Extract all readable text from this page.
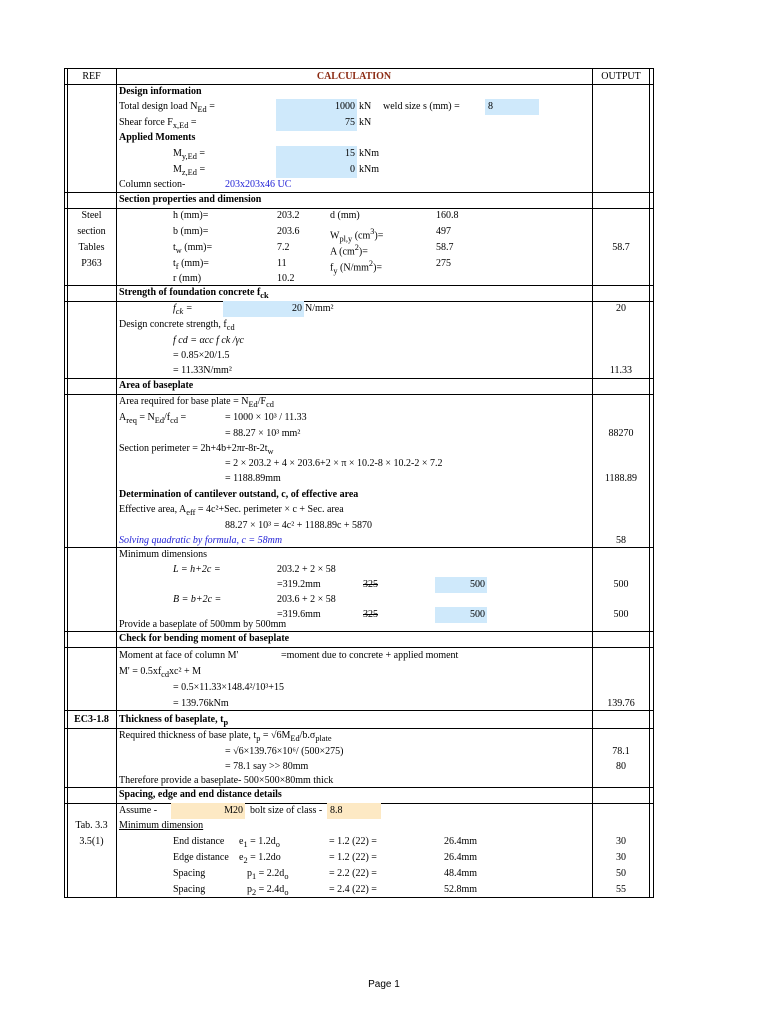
REF	CALCULATION	OUTPUT
Design information
Total design load $N_{Ed}$ =	1000 kN weld size s (mm) =	8
Shear force $F_{x,Ed}$ =	75 kN
Applied Moments
$M_{y,Ed}$ =	15 kNm
$M_{z,Ed}$ =	0 kNm
Column section-	203x203x46 UC
Section properties and dimension
Steel
section
Tables
P363
h (mm)=	203.2	d (mm)	160.8
b (mm)=	203.6	$W_{pl,y}$ $(cm^3)=$	497
$t_w$ (mm)=	7.2	A $(cm^2)=$	58.7	58.7
$t_f$ (mm)=	11	$f_y$ $(N/mm^2)=$	275
r (mm)	10.2
Strength of foundation concrete $f_{ck}$
$f_{ck}$ =	20 N/mm²	20
Design concrete strength, $f_{cd}$
f cd = αcc f ck /γc
= 0.85×20/1.5
= 11.33N/mm²	11.33
Area of baseplate
Area required for base plate = $N_{Ed}/F_{cd}$
$A_{req} = N_{Ed}/f_{cd}$ =	= 1000 × 10³ / 11.33
= 88.27 × 10³ mm²	88270
Section perimeter = $2h+4b+2\pi r-8r-2t_w$
= 2 × 203.2 + 4 × 203.6+2 × π × 10.2-8 × 10.2-2 × 7.2
= 1188.89mm	1188.89
Determination of cantilever outstand, c, of effective area
Effective area, $A_{eff} = 4c^2+Sec$. perimeter × c + Sec. area
88.27 × 10³ = 4c² + 1188.89c + 5870
Solving quadratic by formula, c = 58mm	58
Minimum dimensions
L = h+2c =	203.2 + 2 × 58
=319.2mm	325	500	500
B = b+2c =	203.6 + 2 × 58
=319.6mm	325	500	500
Provide a baseplate of 500mm by 500mm
Check for bending moment of baseplate
Moment at face of column M'	=moment due to concrete + applied moment
$M' = 0.5xf_{cd}xc^2 + M$
= 0.5×11.33×148.4²/10³+15
= 139.76kNm	139.76
EC3-1.8	Thickness of baseplate, $t_p$
Required thickness of base plate, $t_p = √6M_{Ed}/b.\sigma_{plate}$
= √6×139.76×10⁶/ (500×275)	78.1
= 78.1 say >> 80mm	80
Therefore provide a baseplate- 500×500×80mm thick
Spacing, edge and end distance details
Assume -	M20 bolt size of class - 8.8
Tab. 3.3
3.5(1)
Minimum dimension
End distance $e_1 = 1.2d_o$	= 1.2 (22) =	26.4mm	30
Edge distance $e_2 = 1.2do$	= 1.2 (22) =	26.4mm	30
Spacing	$p_1 = 2.2d_o$	= 2.2 (22) =	48.4mm	50
Spacing	$p_2 = 2.4d_o$	= 2.4 (22) =	52.8mm	55
Page 1
